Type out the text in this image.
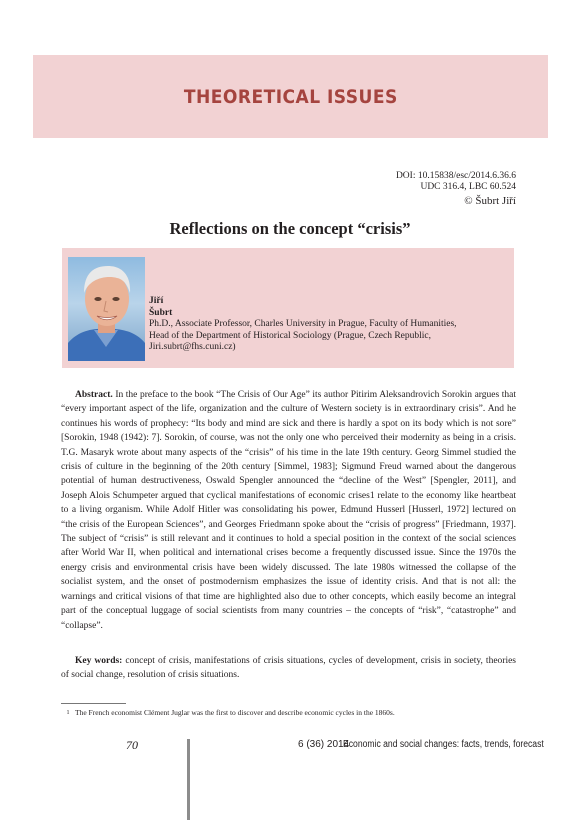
THEORETICAL ISSUES
DOI: 10.15838/esc/2014.6.36.6
UDC 316.4, LBC 60.524
© Šubrt Jiří
Reflections on the concept “crisis”
Jiří
Šubrt
Ph.D., Associate Professor, Charles University in Prague, Faculty of Humanities,
Head of the Department of Historical Sociology (Prague, Czech Republic,
Jiri.subrt@fhs.cuni.cz)

Abstract. In the preface to the book “The Crisis of Our Age” its author Pitirim Aleksandrovich Sorokin argues that “every important aspect of the life, organization and the culture of Western society is in extraordinary crisis”. And he continues his words of prophecy: “Its body and mind are sick and there is hardly a spot on its body which is not sore” [Sorokin, 1948 (1942): 7]. Sorokin, of course, was not the only one who perceived their modernity as being in a crisis. T.G. Masaryk wrote about many aspects of the “crisis” of his time in the late 19th century. Georg Simmel studied the crisis of culture in the beginning of the 20th century [Simmel, 1983]; Sigmund Freud warned about the dangerous potential of human destructiveness, Oswald Spengler announced the “decline of the West” [Spengler, 2011], and Joseph Alois Schumpeter argued that cyclical manifestations of economic crises1 relate to the economy like heartbeat to a living organism. While Adolf Hitler was consolidating his power, Edmund Husserl [Husserl, 1972] lectured on “the crisis of the European Sciences”, and Georges Friedmann spoke about the “crisis of progress” [Friedmann, 1937]. The subject of “crisis” is still relevant and it continues to hold a special position in the context of the social sciences after World War II, when political and international crises become a frequently discussed issue. Since the 1970s the energy crisis and environmental crisis have been widely discussed. The late 1980s witnessed the collapse of the socialist system, and the onset of postmodernism emphasizes the issue of identity crisis. And that is not all: the warnings and critical visions of that time are highlighted also due to other concepts, which easily become an integral part of the conceptual luggage of social scientists from many countries – the concepts of “risk”, “catastrophe” and “collapse”.

Key words: concept of crisis, manifestations of crisis situations, cycles of development, crisis in society, theories of social change, resolution of crisis situations.

1 The French economist Clément Juglar was the first to discover and describe economic cycles in the 1860s.
70	6 (36) 2014
Economic and social changes: facts, trends, forecast
